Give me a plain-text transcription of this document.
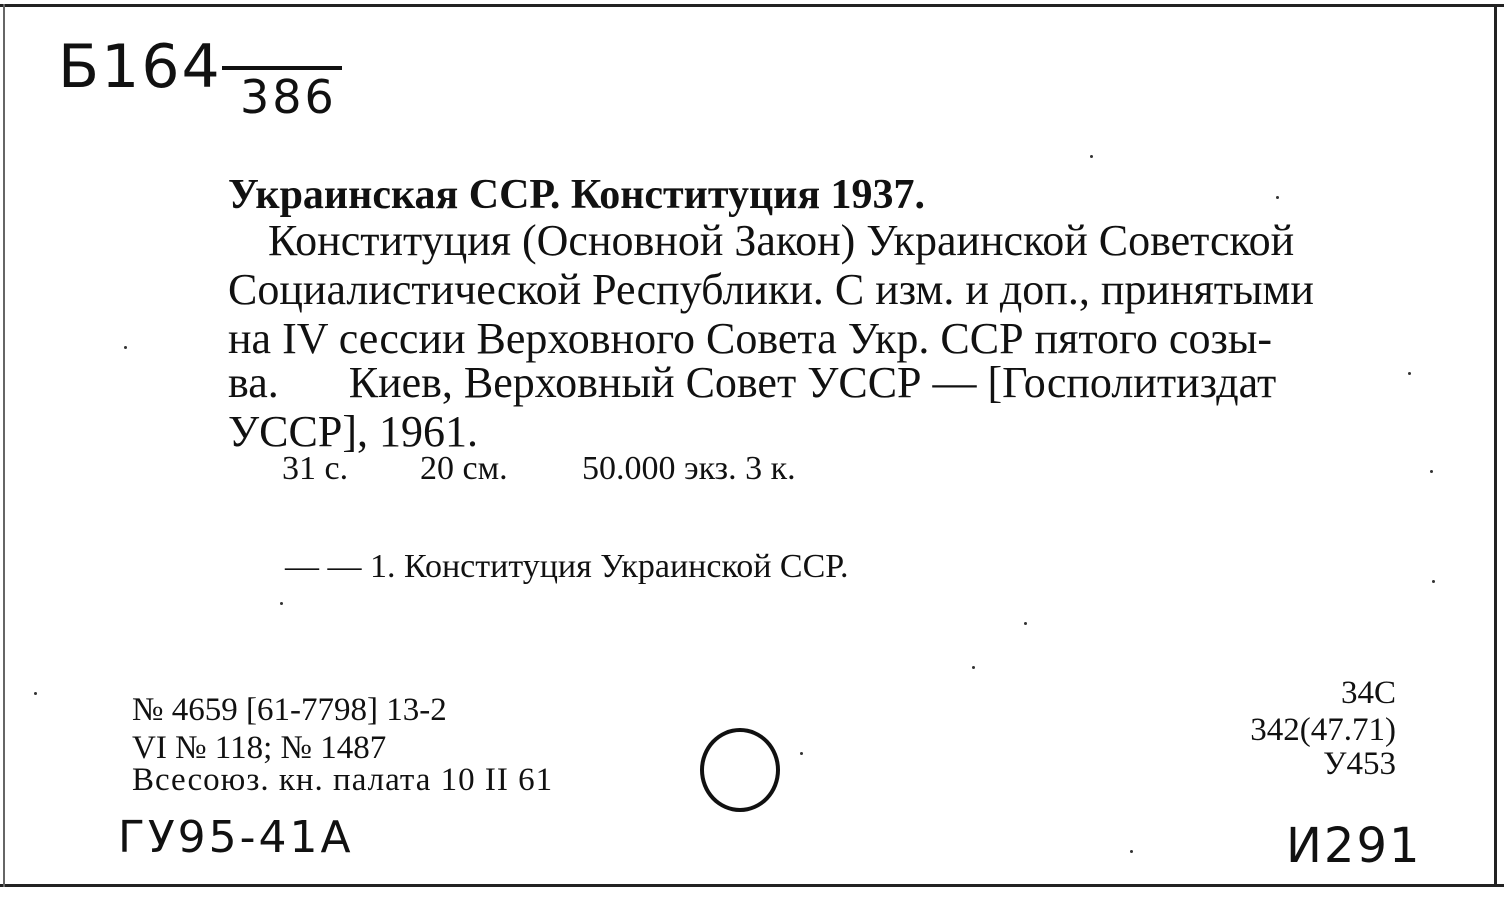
Б164 386
Украинская ССР. Конституция 1937.
Конституция (Основной Закон) Украинской Советской
Социалистической Республики. С изм. и доп., принятыми
на IV сессии Верховного Совета Укр. ССР пятого созы-
ва. Киев, Верховный Совет УССР — [Госполитиздат
УССР], 1961.
31 с. 20 см. 50.000 экз. 3 к.
— — 1. Конституция Украинской ССР.
№ 4659 [61-7798] 13-2
VI № 118; № 1487
Всесоюз. кн. палата 10 II 61
34С
342(47.71)
У453
ГУ95-41А	И291
